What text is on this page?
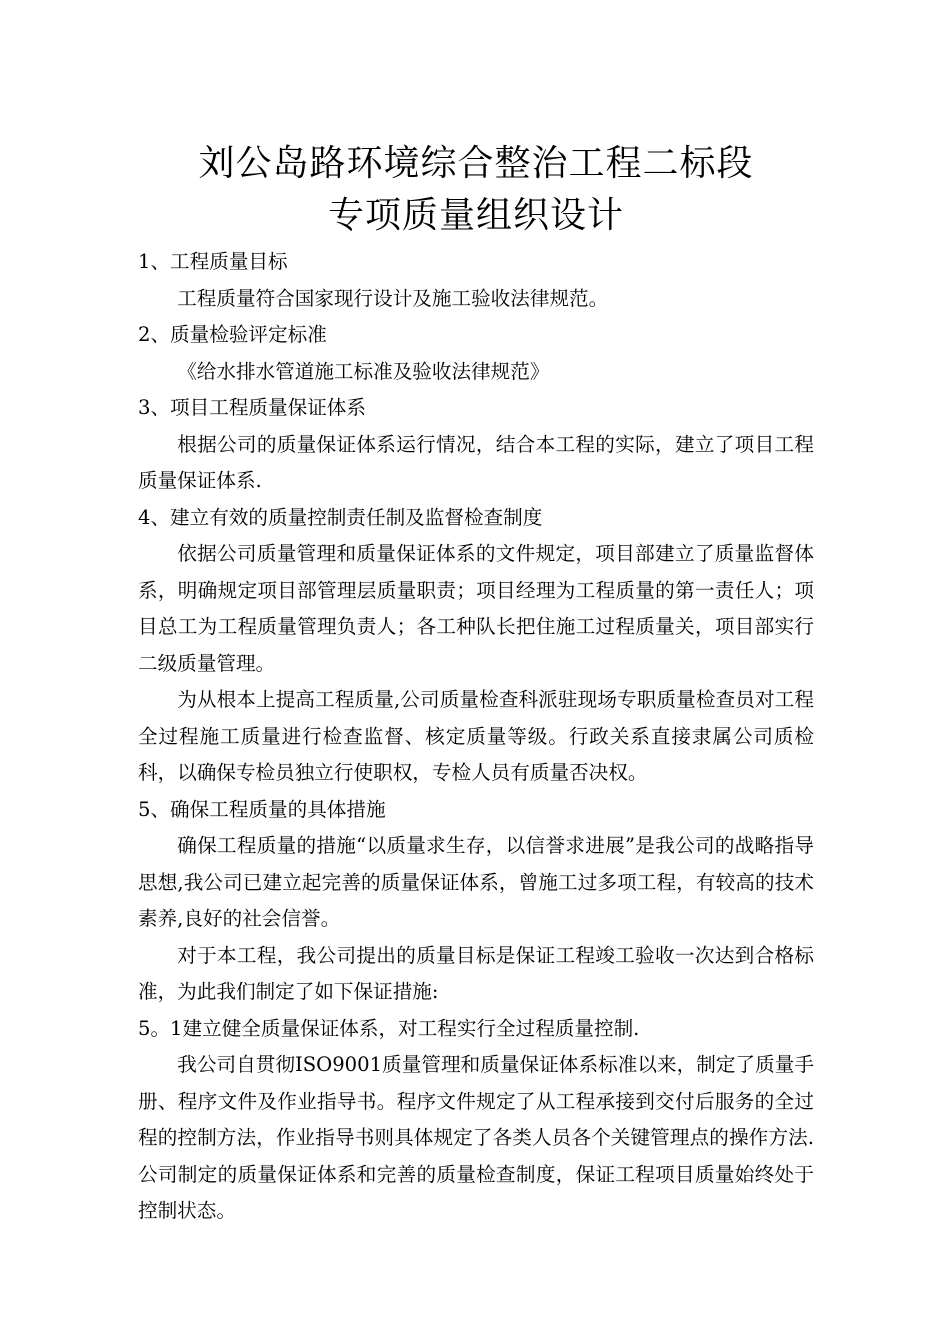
刘公岛路环境综合整治工程二标段
专项质量组织设计

1、工程质量目标

工程质量符合国家现行设计及施工验收法律规范。

2、质量检验评定标准

《给水排水管道施工标准及验收法律规范》

3、项目工程质量保证体系

根据公司的质量保证体系运行情况，结合本工程的实际，建立了项目工程质量保证体系.

4、建立有效的质量控制责任制及监督检查制度

依据公司质量管理和质量保证体系的文件规定，项目部建立了质量监督体系，明确规定项目部管理层质量职责；项目经理为工程质量的第一责任人；项目总工为工程质量管理负责人；各工种队长把住施工过程质量关，项目部实行二级质量管理。

为从根本上提高工程质量,公司质量检查科派驻现场专职质量检查员对工程全过程施工质量进行检查监督、核定质量等级。行政关系直接隶属公司质检科，以确保专检员独立行使职权，专检人员有质量否决权。

5、确保工程质量的具体措施

确保工程质量的措施“以质量求生存，以信誉求进展”是我公司的战略指导思想,我公司已建立起完善的质量保证体系，曾施工过多项工程，有较高的技术素养,良好的社会信誉。

对于本工程，我公司提出的质量目标是保证工程竣工验收一次达到合格标准，为此我们制定了如下保证措施:

5。1建立健全质量保证体系，对工程实行全过程质量控制.

我公司自贯彻ISO9001质量管理和质量保证体系标准以来，制定了质量手册、程序文件及作业指导书。程序文件规定了从工程承接到交付后服务的全过程的控制方法，作业指导书则具体规定了各类人员各个关键管理点的操作方法.公司制定的质量保证体系和完善的质量检查制度，保证工程项目质量始终处于控制状态。
